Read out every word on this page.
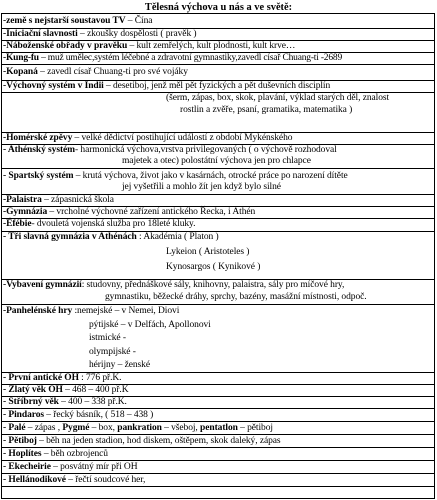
Tělesná výchova u nás a ve světě:
-země s nejstarší soustavou TV – Čína
-Iniciační slavnosti – zkoušky dospělosti ( pravěk )
-Náboženské obřady v pravěku – kult zemřelých, kult plodnosti, kult krve…
-Kung-fu – muž umělec,systém léčebné a zdravotní gymnastiky,zavedl císař Chuang-ti -2689
-Kopaná – zavedl císař Chuang-ti pro své vojáky
-Výchovný systém v Indii – desetiboj, jenž měl pět fyzických a pět duševních disciplín
(šerm, zápas, box, skok, plavání, výklad starých děl, znalost
rostlin a zvěře, psaní, gramatika, matematika )
-Homérské zpěvy – velké dědictví postihující událostí z období Mykénského
- Athénský systém- harmonická výchova,vrstva privilegovaných ( o výchově rozhodoval
majetek a otec) polostátní výchova jen pro chlapce
- Spartský systém – krutá výchova, život jako v kasárnách, otrocké práce po narození dítěte
jej vyšetřili a mohlo žít jen když bylo silné
-Palaistra – zápasnická škola
-Gymnázia – vrcholné výchovné zařízení antického Řecka, i Athén
-Éfébie- dvouletá vojenská služba pro 18leté kluky.
- Tři slavná gymnázia v Athénách : Akadémia ( Platon )
Lykeion ( Aristoteles )
Kynosargos ( Kynikové )
-Vybavení gymnázií: studovny, přednáškové sály, knihovny, palaistra, sály pro míčové hry,
gymnastiku, běžecké dráhy, sprchy, bazény, masážní místnosti, odpoč.
-Panhelénské hry :nemejské – v Nemei, Diovi
pýtijské – v Delfách, Apollonovi
istmické -
olympijské -
hérijny – ženské
- První antické OH : 776 př.K.
- Zlatý věk OH – 468 – 400 př.K
- Stříbrný věk – 400 – 338 př.K.
- Pindaros – řecký básník, ( 518 – 438 )
- Palé – zápas , Pygmé – box, pankration – všeboj, pentatlon – pětiboj
- Pětiboj – běh na jeden stadion, hod diskem, oštěpem, skok daleký, zápas
- Hoplítes – běh ozbrojenců
- Ekecheirie – posvátný mír při OH
- Hellánodikové – řečtí soudcové her,
